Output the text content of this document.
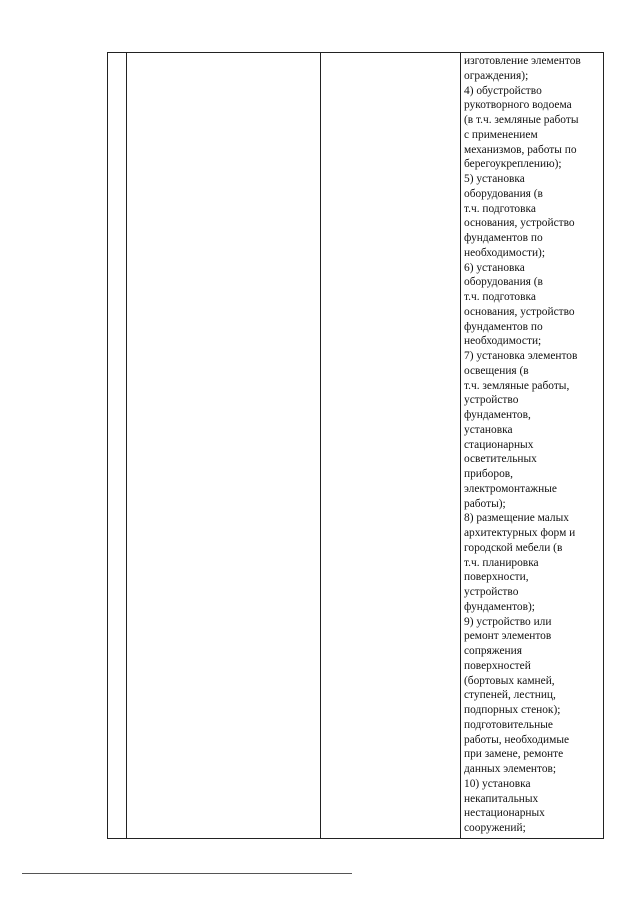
изготовление элементов
ограждения);
4) обустройство
рукотворного водоема
(в т.ч. земляные работы
с применением
механизмов, работы по
берегоукреплению);
5) установка
оборудования (в
т.ч. подготовка
основания, устройство
фундаментов по
необходимости);
6) установка
оборудования (в
т.ч. подготовка
основания, устройство
фундаментов по
необходимости;
7) установка элементов
освещения (в
т.ч. земляные работы,
устройство
фундаментов,
установка
стационарных
осветительных
приборов,
электромонтажные
работы);
8) размещение малых
архитектурных форм и
городской мебели (в
т.ч. планировка
поверхности,
устройство
фундаментов);
9) устройство или
ремонт элементов
сопряжения
поверхностей
(бортовых камней,
ступеней, лестниц,
подпорных стенок);
подготовительные
работы, необходимые
при замене, ремонте
данных элементов;
10) установка
некапитальных
нестационарных
сооружений;
